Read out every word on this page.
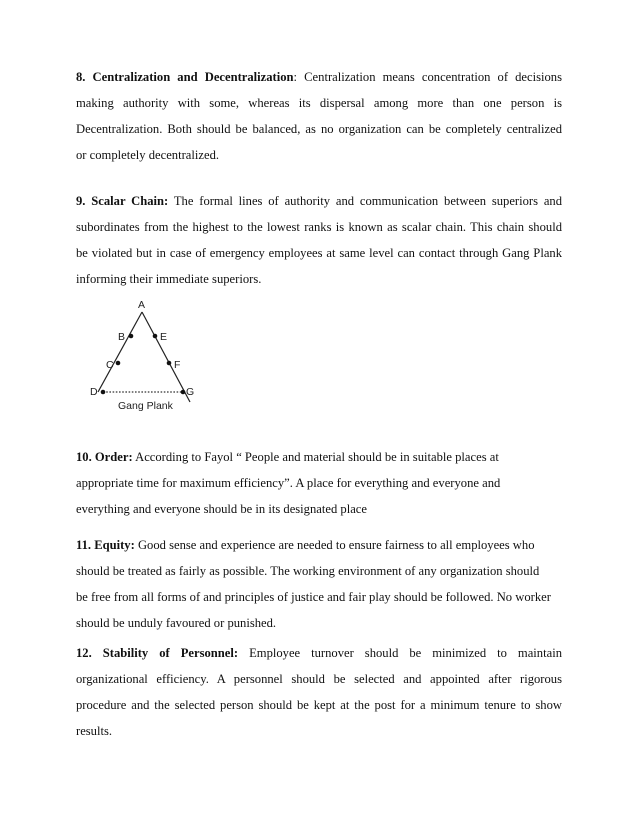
8. Centralization and Decentralization: Centralization means concentration of decisions
making authority with some, whereas its dispersal among more than one person is
Decentralization. Both should be balanced, as no organization can be completely centralized
or completely decentralized.
9. Scalar Chain: The formal lines of authority and communication between superiors and
subordinates from the highest to the lowest ranks is known as scalar chain. This chain should
be violated but in case of emergency employees at same level can contact through Gang Plank
informing their immediate superiors.
A
B	E
C	F
D	G
Gang Plank
10. Order: According to Fayol “ People and material should be in suitable places at
appropriate time for maximum efficiency”. A place for everything and everyone and
everything and everyone should be in its designated place
11. Equity: Good sense and experience are needed to ensure fairness to all employees who
should be treated as fairly as possible. The working environment of any organization should
be free from all forms of and principles of justice and fair play should be followed. No worker
should be unduly favoured or punished.
12. Stability of Personnel: Employee turnover should be minimized to maintain
organizational efficiency. A personnel should be selected and appointed after rigorous
procedure and the selected person should be kept at the post for a minimum tenure to show
results.
